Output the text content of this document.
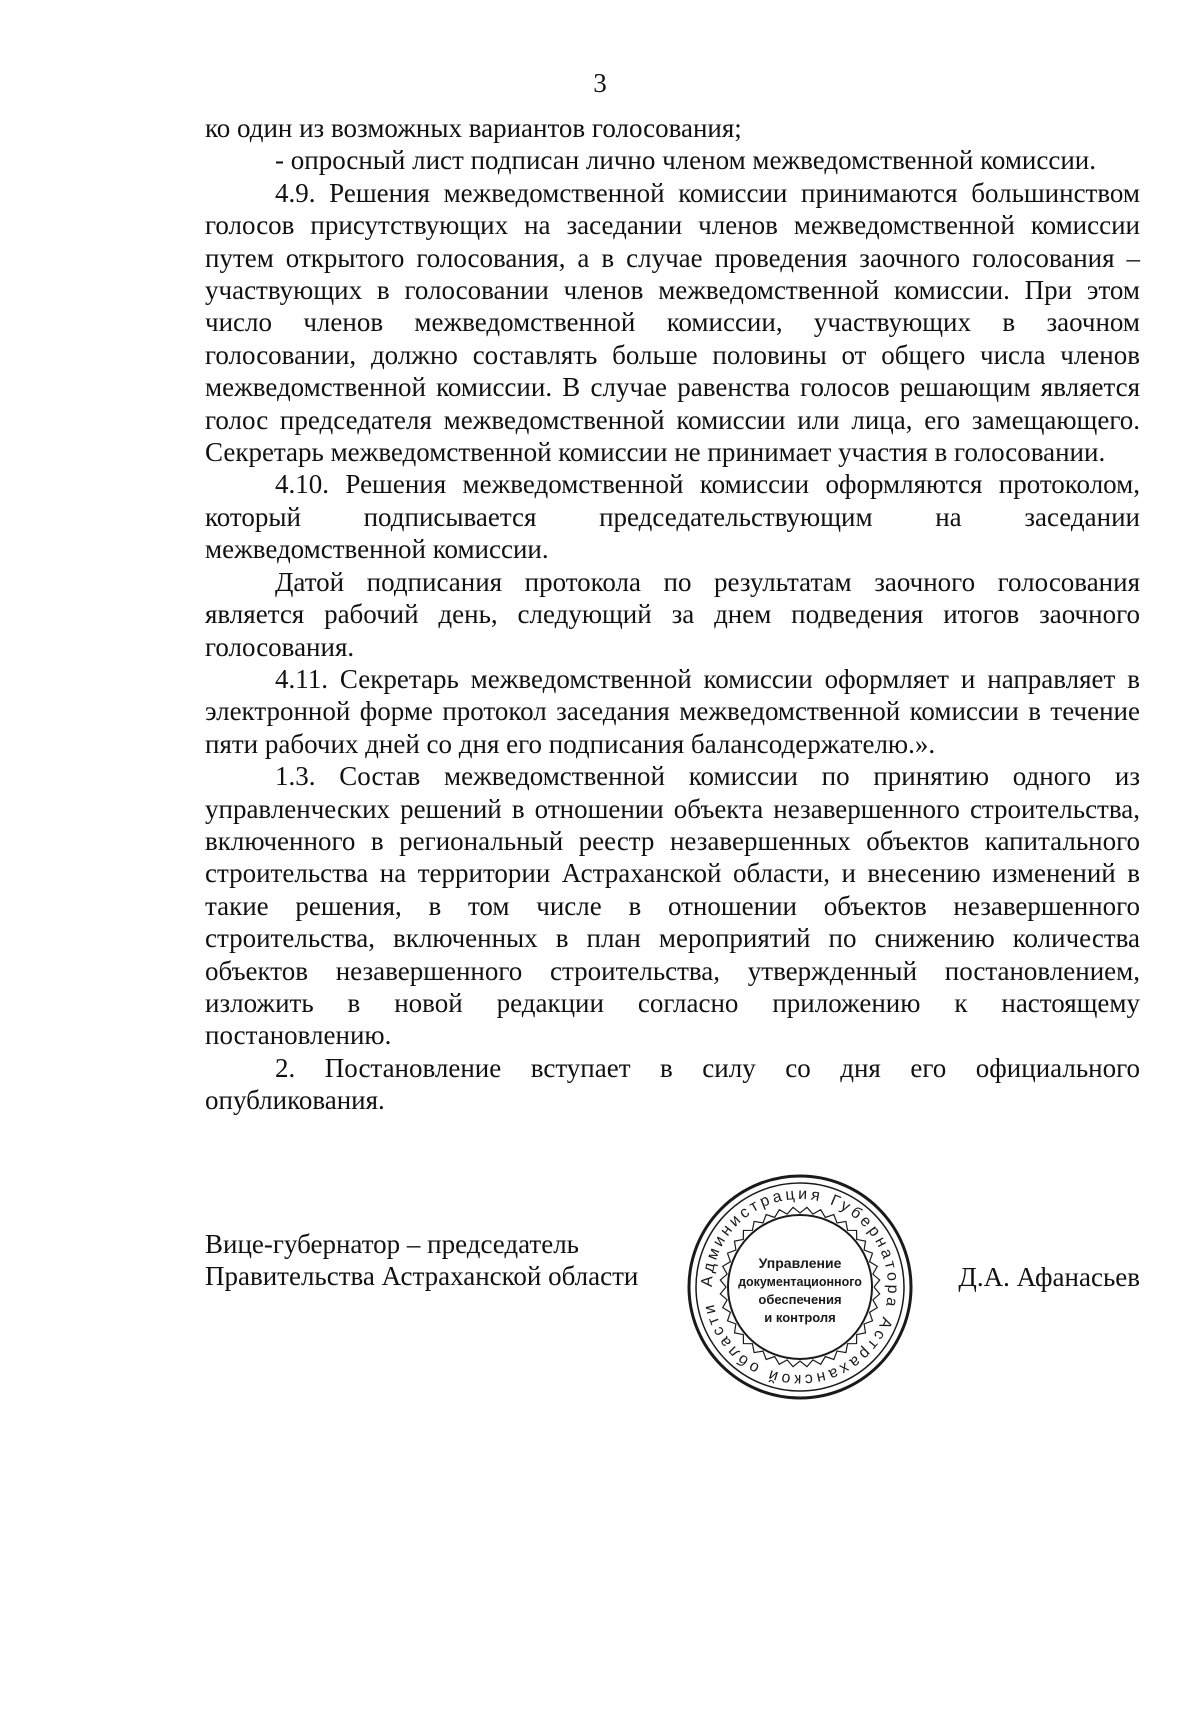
3

ко один из возможных вариантов голосования;

- опросный лист подписан лично членом межведомственной комиссии.

4.9. Решения межведомственной комиссии принимаются большинством голосов присутствующих на заседании членов межведомственной комиссии путем открытого голосования, а в случае проведения заочного голосования – участвующих в голосовании членов межведомственной комиссии. При этом число членов межведомственной комиссии, участвующих в заочном голосовании, должно составлять больше половины от общего числа членов межведомственной комиссии. В случае равенства голосов решающим является голос председателя межведомственной комиссии или лица, его замещающего. Секретарь межведомственной комиссии не принимает участия в голосовании.

4.10. Решения межведомственной комиссии оформляются протоколом, который подписывается председательствующим на заседании межведомственной комиссии.

Датой подписания протокола по результатам заочного голосования является рабочий день, следующий за днем подведения итогов заочного голосования.

4.11. Секретарь межведомственной комиссии оформляет и направляет в электронной форме протокол заседания межведомственной комиссии в течение пяти рабочих дней со дня его подписания балансодержателю.».

1.3. Состав межведомственной комиссии по принятию одного из управленческих решений в отношении объекта незавершенного строительства, включенного в региональный реестр незавершенных объектов капитального строительства на территории Астраханской области, и внесению изменений в такие решения, в том числе в отношении объектов незавершенного строительства, включенных в план мероприятий по снижению количества объектов незавершенного строительства, утвержденный постановлением, изложить в новой редакции согласно приложению к настоящему постановлению.

2. Постановление вступает в силу со дня его официального опубликования.

Вице-губернатор – председатель
Правительства Астраханской области	Администрация Губернатора Астраханской области
Управление
документационного
обеспечения
и контроля
Д.А. Афанасьев
